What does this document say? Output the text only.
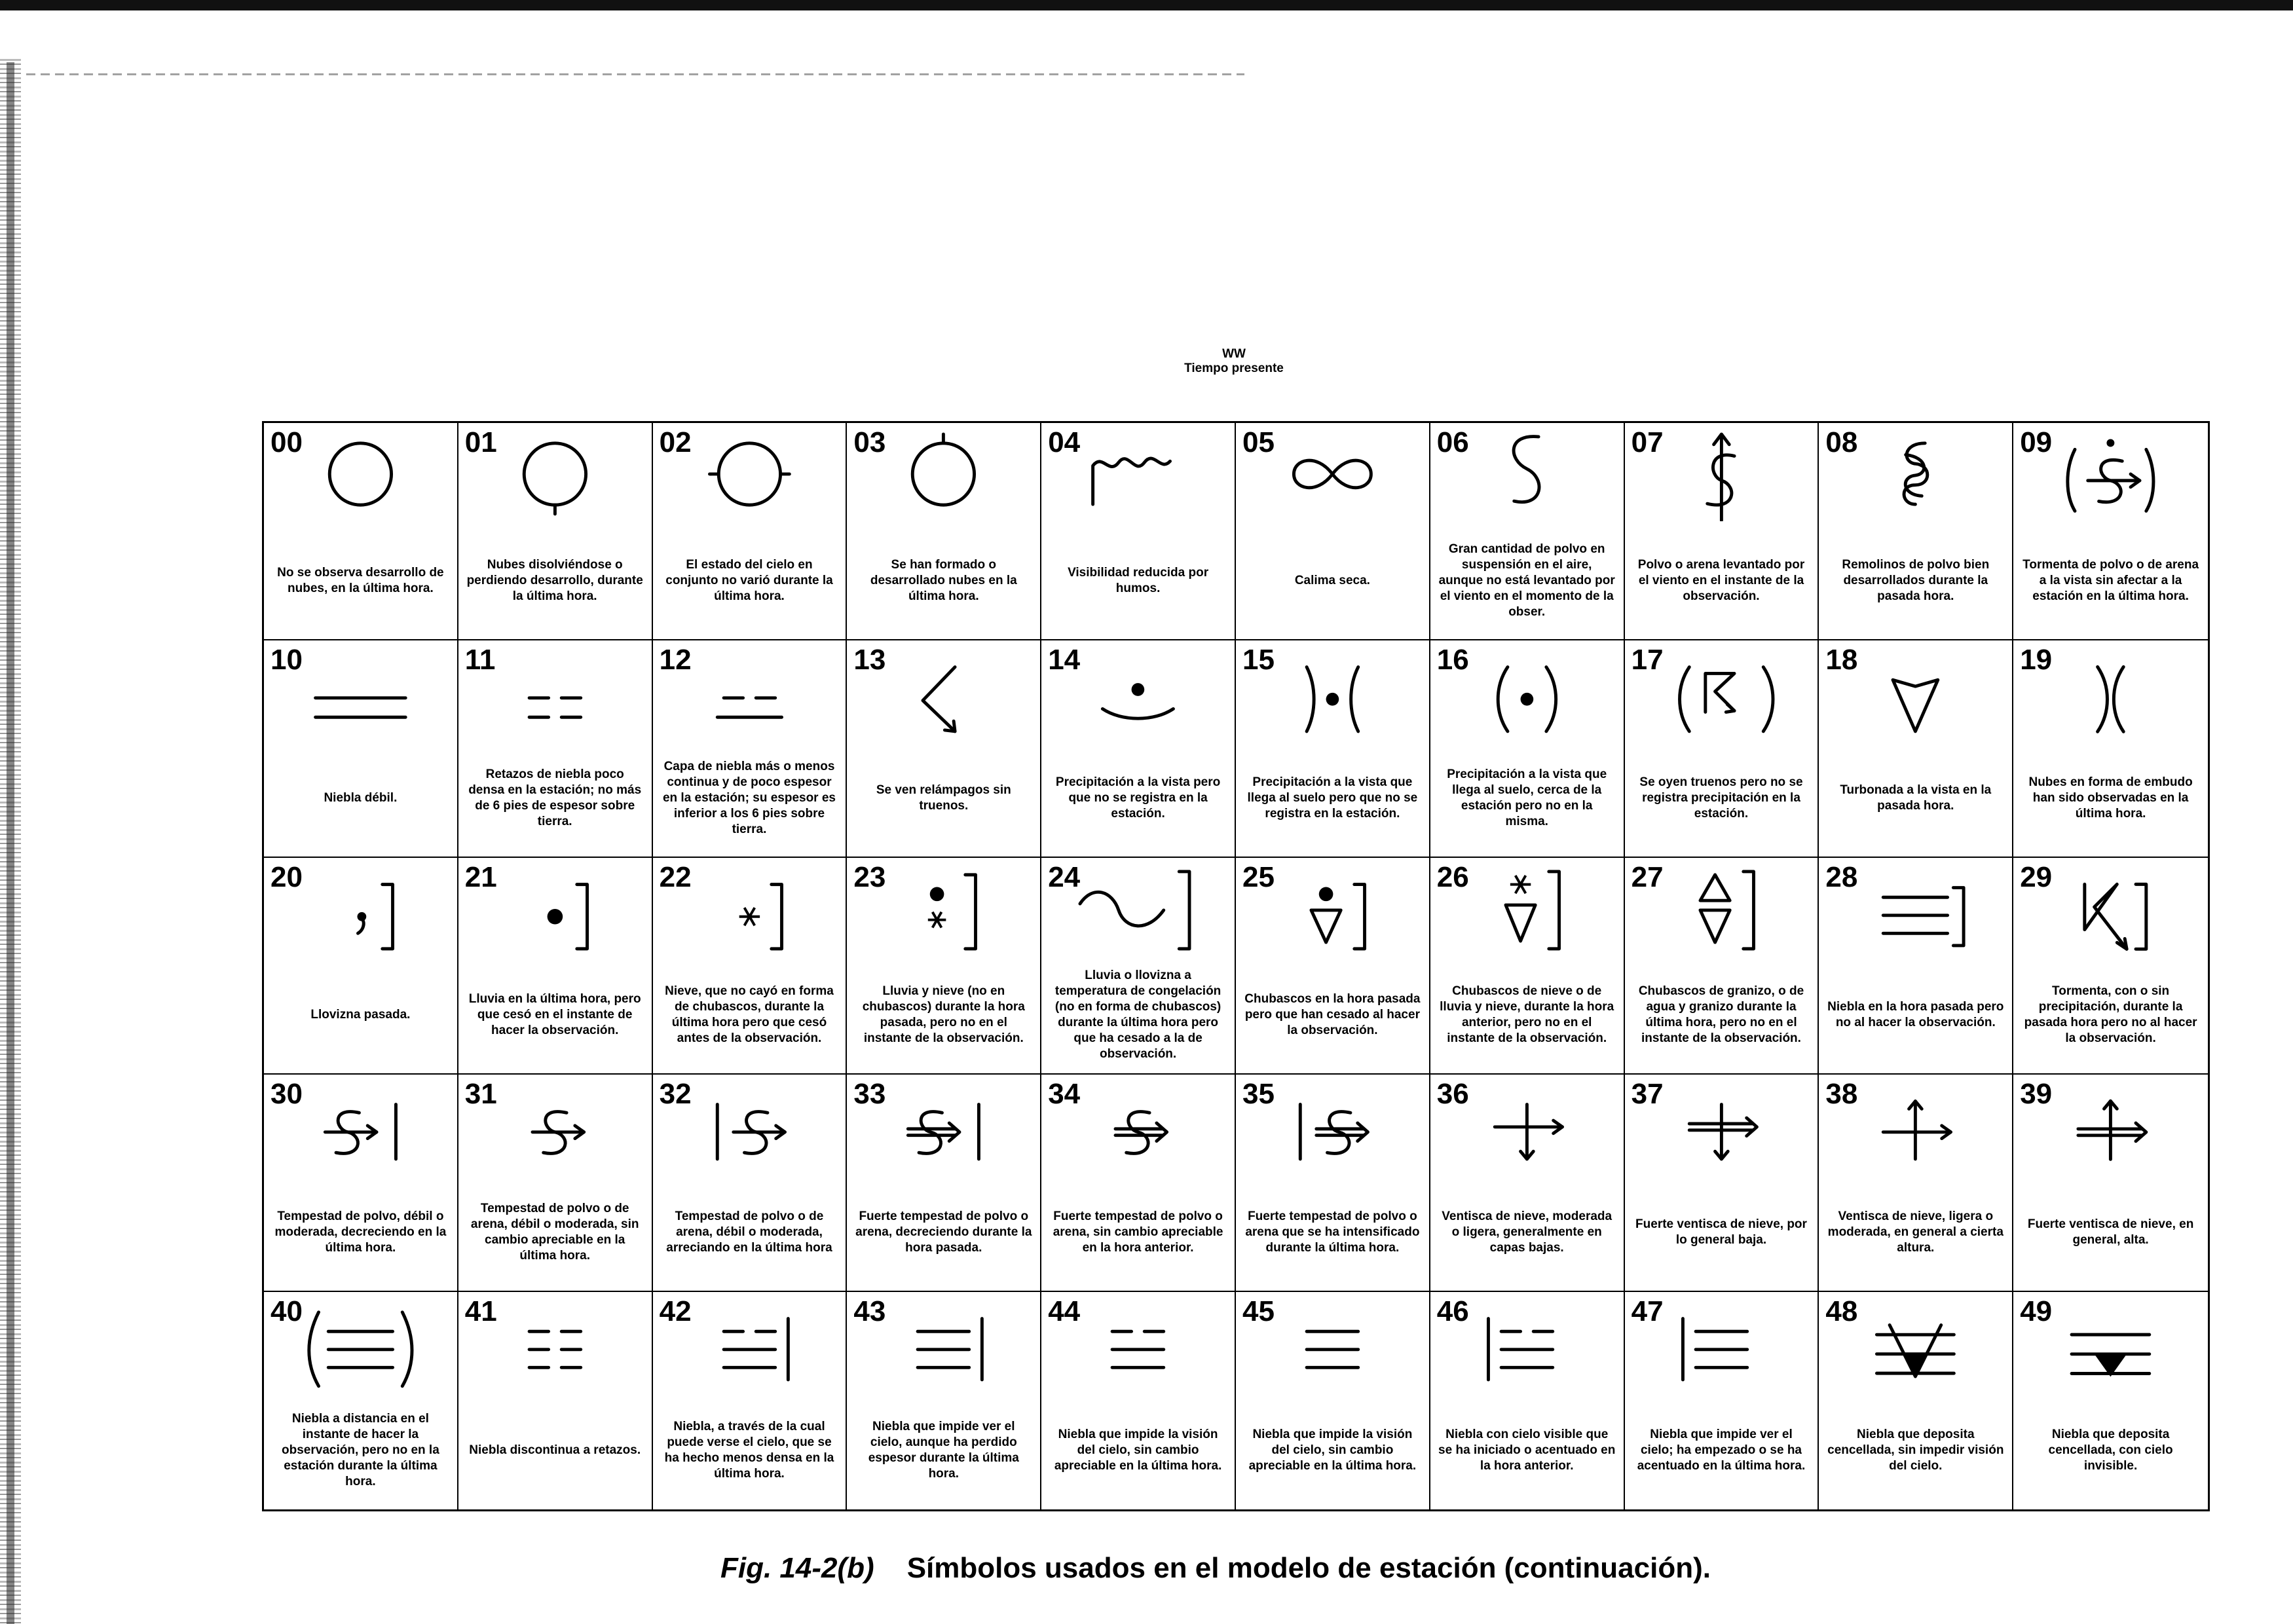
WW
Tiempo presente
00
No se observa desarrollo de nubes, en la última hora.
01
Nubes disolviéndose o perdiendo desarrollo, durante la última hora.
02
El estado del cielo en conjunto no varió durante la última hora.
03
Se han formado o desarrollado nubes en la última hora.
04
Visibilidad reducida por humos.
05
Calima seca.
06
Gran cantidad de polvo en suspensión en el aire, aunque no está levantado por el viento en el momento de la obser.
07
Polvo o arena levantado por el viento en el instante de la observación.
08
Remolinos de polvo bien desarrollados durante la pasada hora.
09
Tormenta de polvo o de arena a la vista sin afectar a la estación en la última hora.
10
Niebla débil.
11
Retazos de niebla poco densa en la estación; no más de 6 pies de espesor sobre tierra.
12
Capa de niebla más o menos continua y de poco espesor en la estación; su espesor es inferior a los 6 pies sobre tierra.
13
Se ven relámpagos sin truenos.
14
Precipitación a la vista pero que no se registra en la estación.
15
Precipitación a la vista que llega al suelo pero que no se registra en la estación.
16
Precipitación a la vista que llega al suelo, cerca de la estación pero no en la misma.
17
Se oyen truenos pero no se registra precipitación en la estación.
18
Turbonada a la vista en la pasada hora.
19
Nubes en forma de embudo han sido observadas en la última hora.
20
Llovizna pasada.
21
Lluvia en la última hora, pero que cesó en el instante de hacer la observación.
22
Nieve, que no cayó en forma de chubascos, durante la última hora pero que cesó antes de la observación.
23
Lluvia y nieve (no en chubascos) durante la hora pasada, pero no en el instante de la observación.
24
Lluvia o llovizna a temperatura de congelación (no en forma de chubascos) durante la última hora pero que ha cesado a la de observación.
25
Chubascos en la hora pasada pero que han cesado al hacer la observación.
26
Chubascos de nieve o de lluvia y nieve, durante la hora anterior, pero no en el instante de la observación.
27
Chubascos de granizo, o de agua y granizo durante la última hora, pero no en el instante de la observación.
28
Niebla en la hora pasada pero no al hacer la observación.
29
Tormenta, con o sin precipitación, durante la pasada hora pero no al hacer la observación.
30
Tempestad de polvo, débil o moderada, decreciendo en la última hora.
31
Tempestad de polvo o de arena, débil o moderada, sin cambio apreciable en la última hora.
32
Tempestad de polvo o de arena, débil o moderada, arreciando en la última hora
33
Fuerte tempestad de polvo o arena, decreciendo durante la hora pasada.
34
Fuerte tempestad de polvo o arena, sin cambio apreciable en la hora anterior.
35
Fuerte tempestad de polvo o arena que se ha intensificado durante la última hora.
36
Ventisca de nieve, moderada o ligera, generalmente en capas bajas.
37
Fuerte ventisca de nieve, por lo general baja.
38
Ventisca de nieve, ligera o moderada, en general a cierta altura.
39
Fuerte ventisca de nieve, en general, alta.
40
Niebla a distancia en el instante de hacer la observación, pero no en la estación durante la última hora.
41
Niebla discontinua a retazos.
42
Niebla, a través de la cual puede verse el cielo, que se ha hecho menos densa en la última hora.
43
Niebla que impide ver el cielo, aunque ha perdido espesor durante la última hora.
44
Niebla que impide la visión del cielo, sin cambio apreciable en la última hora.
45
Niebla que impide la visión del cielo, sin cambio apreciable en la última hora.
46
Niebla con cielo visible que se ha iniciado o acentuado en la hora anterior.
47
Niebla que impide ver el cielo; ha empezado o se ha acentuado en la última hora.
48
Niebla que deposita cencellada, sin impedir visión del cielo.
49
Niebla que deposita cencellada, con cielo invisible.
Fig. 14-2(b) Símbolos usados en el modelo de estación (continuación).
